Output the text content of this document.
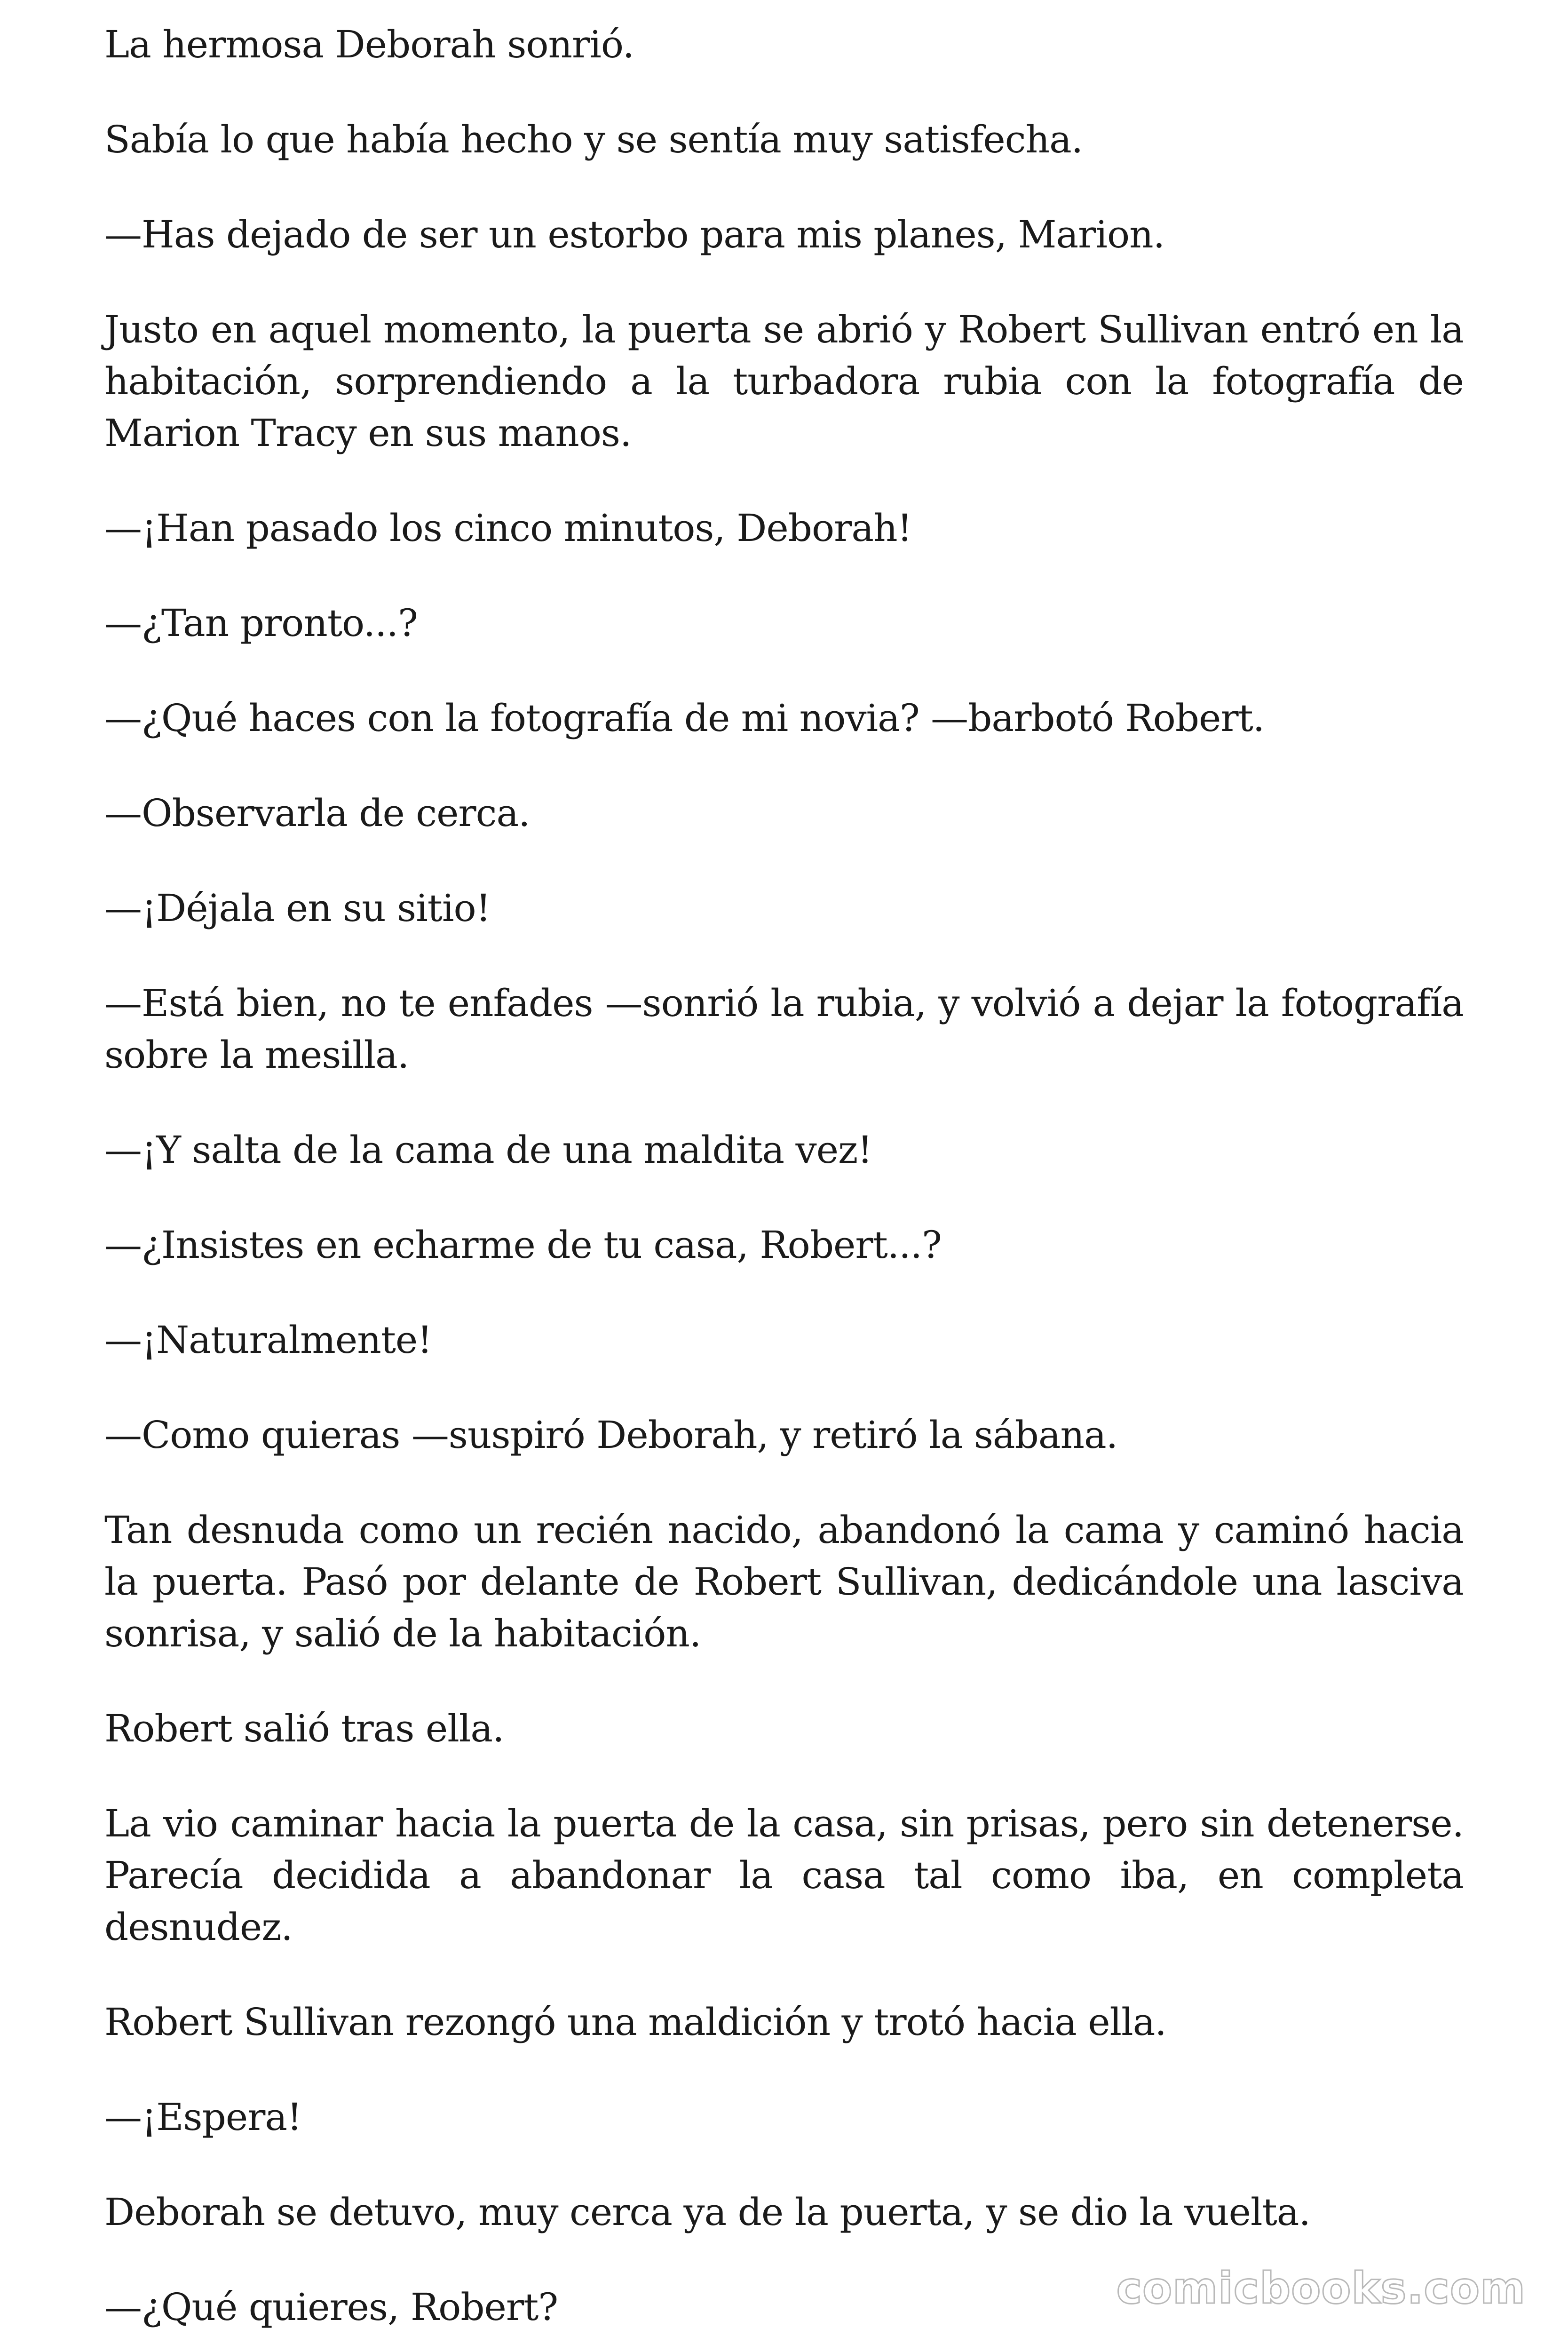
La hermosa Deborah sonrió.

Sabía lo que había hecho y se sentía muy satisfecha.

—Has dejado de ser un estorbo para mis planes, Marion.

Justo en aquel momento, la puerta se abrió y Robert Sullivan entró en la habitación, sorprendiendo a la turbadora rubia con la fotografía de Marion Tracy en sus manos.

—¡Han pasado los cinco minutos, Deborah!

—¿Tan pronto...?

—¿Qué haces con la fotografía de mi novia? —barbotó Robert.

—Observarla de cerca.

—¡Déjala en su sitio!

—Está bien, no te enfades —sonrió la rubia, y volvió a dejar la fotografía sobre la mesilla.

—¡Y salta de la cama de una maldita vez!

—¿Insistes en echarme de tu casa, Robert...?

—¡Naturalmente!

—Como quieras —suspiró Deborah, y retiró la sábana.

Tan desnuda como un recién nacido, abandonó la cama y caminó hacia la puerta. Pasó por delante de Robert Sullivan, dedicándole una lasciva sonrisa, y salió de la habitación.

Robert salió tras ella.

La vio caminar hacia la puerta de la casa, sin prisas, pero sin detenerse. Parecía decidida a abandonar la casa tal como iba, en completa desnudez.

Robert Sullivan rezongó una maldición y trotó hacia ella.

—¡Espera!

Deborah se detuvo, muy cerca ya de la puerta, y se dio la vuelta.

—¿Qué quieres, Robert?	comicbooks.com
